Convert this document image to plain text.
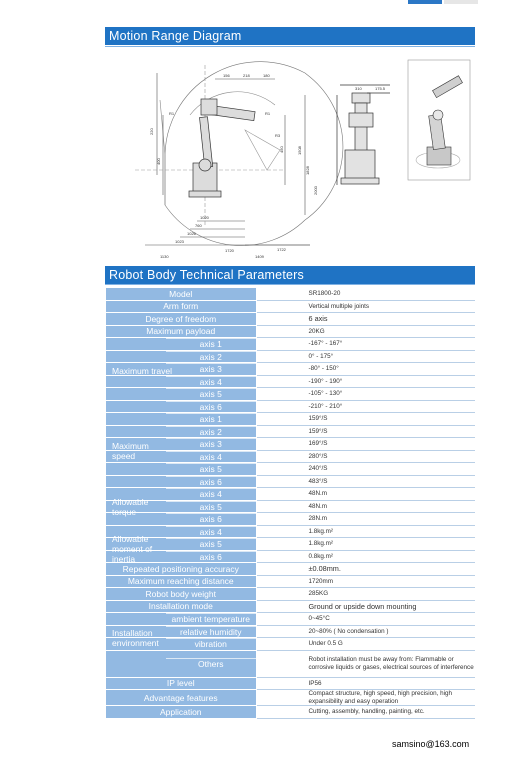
Motion Range Diagram
156	218	180
1720
1026
1020
1508
1828
220
400
450
760
1023
1130	1409
1722
2000
175.5
310
R1	R1
R3
Robot Body Technical Parameters
Model	SR1800-20
Arm form	Vertical multiple joints
Degree of freedom	6 axis
Maximum payload	20KG

Maximum travel
axis 1	-167° - 167°

axis 2	0° - 175°

axis 3	-80° - 150°

axis 4	-190° - 190°

axis 5	-105° - 130°

axis 6	-210° - 210°

Maximum speed
axis 1	159°/S

axis 2	159°/S

axis 3	169°/S

axis 4	280°/S

axis 5	240°/S

axis 6	483°/S

Allowable torque
axis 4	48N.m

axis 5	48N.m

axis 6	28N.m

Allowable moment of inertia
axis 4	1.8kg.m²

axis 5	1.8kg.m²

axis 6	0.8kg.m²
Repeated positioning accuracy	±0.08mm.
Maximum reaching distance	1720mm
Robot body weight	285KG
Installation mode	Ground or upside down mounting

Installation environment
ambient temperature	0~45°C

relative humidity	20~80% ( No condensation )

vibration	Under 0.5 G

Others	Robot installation must be away from: Flammable or corrosive liquids or gases, electrical sources of interference
IP level	IP56
Advantage features	Compact structure, high speed, high precision, high expansibility and easy operation
Application	Cutting, assembly, handling, painting, etc.
samsino@163.com
